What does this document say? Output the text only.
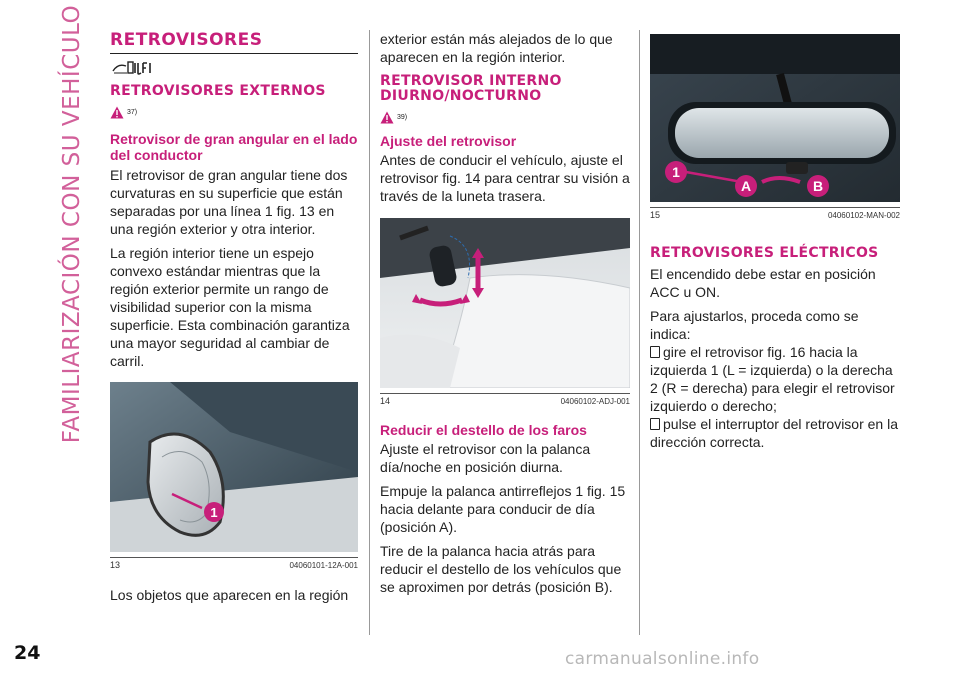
FAMILIARIZACIÓN CON SU VEHÍCULO RETROVISORES
RETROVISORES EXTERNOS
37)
Retrovisor de gran angular en el lado del conductor

El retrovisor de gran angular tiene dos curvaturas en su superficie que están separadas por una línea 1 fig. 13 en una región exterior y otra interior.

La región interior tiene un espejo convexo estándar mientras que la región exterior permite un rango de visibilidad superior con la misma superficie. Esta combinación garantiza una mayor seguridad al cambiar de carril.

1
13	04060101-12A-001

Los objetos que aparecen en la región

exterior están más alejados de lo que aparecen en la región interior.

RETROVISOR INTERNO DIURNO/NOCTURNO
39)
Ajuste del retrovisor

Antes de conducir el vehículo, ajuste el retrovisor fig. 14 para centrar su visión a través de la luneta trasera.

14	04060102-ADJ-001
Reducir el destello de los faros

Ajuste el retrovisor con la palanca día/noche en posición diurna.

Empuje la palanca antirreflejos 1 fig. 15 hacia delante para conducir de día (posición A).

Tire de la palanca hacia atrás para reducir el destello de los vehículos que se aproximen por detrás (posición B).

1
A	B
15	04060102-MAN-002
RETROVISORES ELÉCTRICOS

El encendido debe estar en posición ACC u ON.

Para ajustarlos, proceda como se indica:

gire el retrovisor fig. 16 hacia la izquierda 1 (L = izquierda) o la derecha 2 (R = derecha) para elegir el retrovisor izquierdo o derecho;

pulse el interruptor del retrovisor en la dirección correcta.

24	carmanualsonline.info
